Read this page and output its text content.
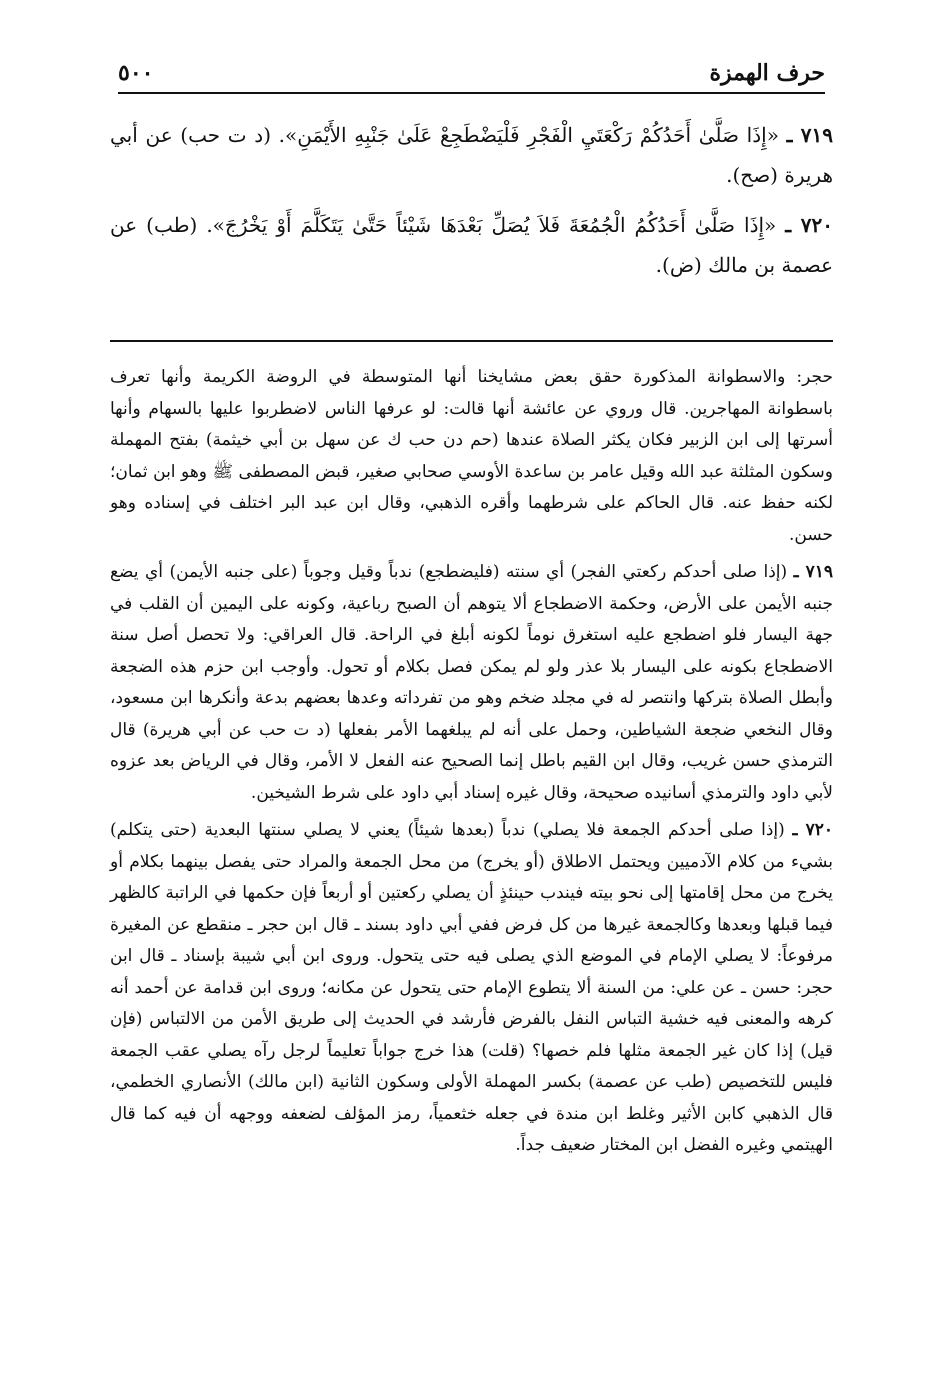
حرف الهمزة
٥٠٠

٧١٩ ـ «إِذَا صَلَّىٰ أَحَدُكُمْ رَكْعَتَيِ الْفَجْرِ فَلْيَضْطَجِعْ عَلَىٰ جَنْبِهِ الأَيْمَنِ». (د ت حب) عن أبي هريرة (صح).

٧٢٠ ـ «إِذَا صَلَّىٰ أَحَدُكُمُ الْجُمُعَةَ فَلاَ يُصَلِّ بَعْدَهَا شَيْئاً حَتَّىٰ يَتَكَلَّمَ أَوْ يَخْرُجَ». (طب) عن عصمة بن مالك (ض).

حجر: والاسطوانة المذكورة حقق بعض مشايخنا أنها المتوسطة في الروضة الكريمة وأنها تعرف باسطوانة المهاجرين. قال وروي عن عائشة أنها قالت: لو عرفها الناس لاضطربوا عليها بالسهام وأنها أسرتها إلى ابن الزبير فكان يكثر الصلاة عندها (حم دن حب ك عن سهل بن أبي خيثمة) بفتح المهملة وسكون المثلثة عبد الله وقيل عامر بن ساعدة الأوسي صحابي صغير، قبض المصطفى ﷺ وهو ابن ثمان؛ لكنه حفظ عنه. قال الحاكم على شرطهما وأقره الذهبي، وقال ابن عبد البر اختلف في إسناده وهو حسن.

٧١٩ ـ (إذا صلى أحدكم ركعتي الفجر) أي سنته (فليضطجع) ندباً وقيل وجوباً (على جنبه الأيمن) أي يضع جنبه الأيمن على الأرض، وحكمة الاضطجاع ألا يتوهم أن الصبح رباعية، وكونه على اليمين أن القلب في جهة اليسار فلو اضطجع عليه استغرق نوماً لكونه أبلغ في الراحة. قال العراقي: ولا تحصل أصل سنة الاضطجاع بكونه على اليسار بلا عذر ولو لم يمكن فصل بكلام أو تحول. وأوجب ابن حزم هذه الضجعة وأبطل الصلاة بتركها وانتصر له في مجلد ضخم وهو من تفرداته وعدها بعضهم بدعة وأنكرها ابن مسعود، وقال النخعي ضجعة الشياطين، وحمل على أنه لم يبلغهما الأمر بفعلها (د ت حب عن أبي هريرة) قال الترمذي حسن غريب، وقال ابن القيم باطل إنما الصحيح عنه الفعل لا الأمر، وقال في الرياض بعد عزوه لأبي داود والترمذي أسانيده صحيحة، وقال غيره إسناد أبي داود على شرط الشيخين.

٧٢٠ ـ (إذا صلى أحدكم الجمعة فلا يصلي) ندباً (بعدها شيئاً) يعني لا يصلي سنتها البعدية (حتى يتكلم) بشيء من كلام الآدميين ويحتمل الاطلاق (أو يخرج) من محل الجمعة والمراد حتى يفصل بينهما بكلام أو يخرج من محل إقامتها إلى نحو بيته فيندب حينئذٍ أن يصلي ركعتين أو أربعاً فإن حكمها في الراتبة كالظهر فيما قبلها وبعدها وكالجمعة غيرها من كل فرض ففي أبي داود بسند ـ قال ابن حجر ـ منقطع عن المغيرة مرفوعاً: لا يصلي الإمام في الموضع الذي يصلى فيه حتى يتحول. وروى ابن أبي شيبة بإسناد ـ قال ابن حجر: حسن ـ عن علي: من السنة ألا يتطوع الإمام حتى يتحول عن مكانه؛ وروى ابن قدامة عن أحمد أنه كرهه والمعنى فيه خشية التباس النفل بالفرض فأرشد في الحديث إلى طريق الأمن من الالتباس (فإن قيل) إذا كان غير الجمعة مثلها فلم خصها؟ (قلت) هذا خرج جواباً تعليماً لرجل رآه يصلي عقب الجمعة فليس للتخصيص (طب عن عصمة) بكسر المهملة الأولى وسكون الثانية (ابن مالك) الأنصاري الخطمي، قال الذهبي كابن الأثير وغلط ابن مندة في جعله خثعمياً، رمز المؤلف لضعفه ووجهه أن فيه كما قال الهيتمي وغيره الفضل ابن المختار ضعيف جداً.
